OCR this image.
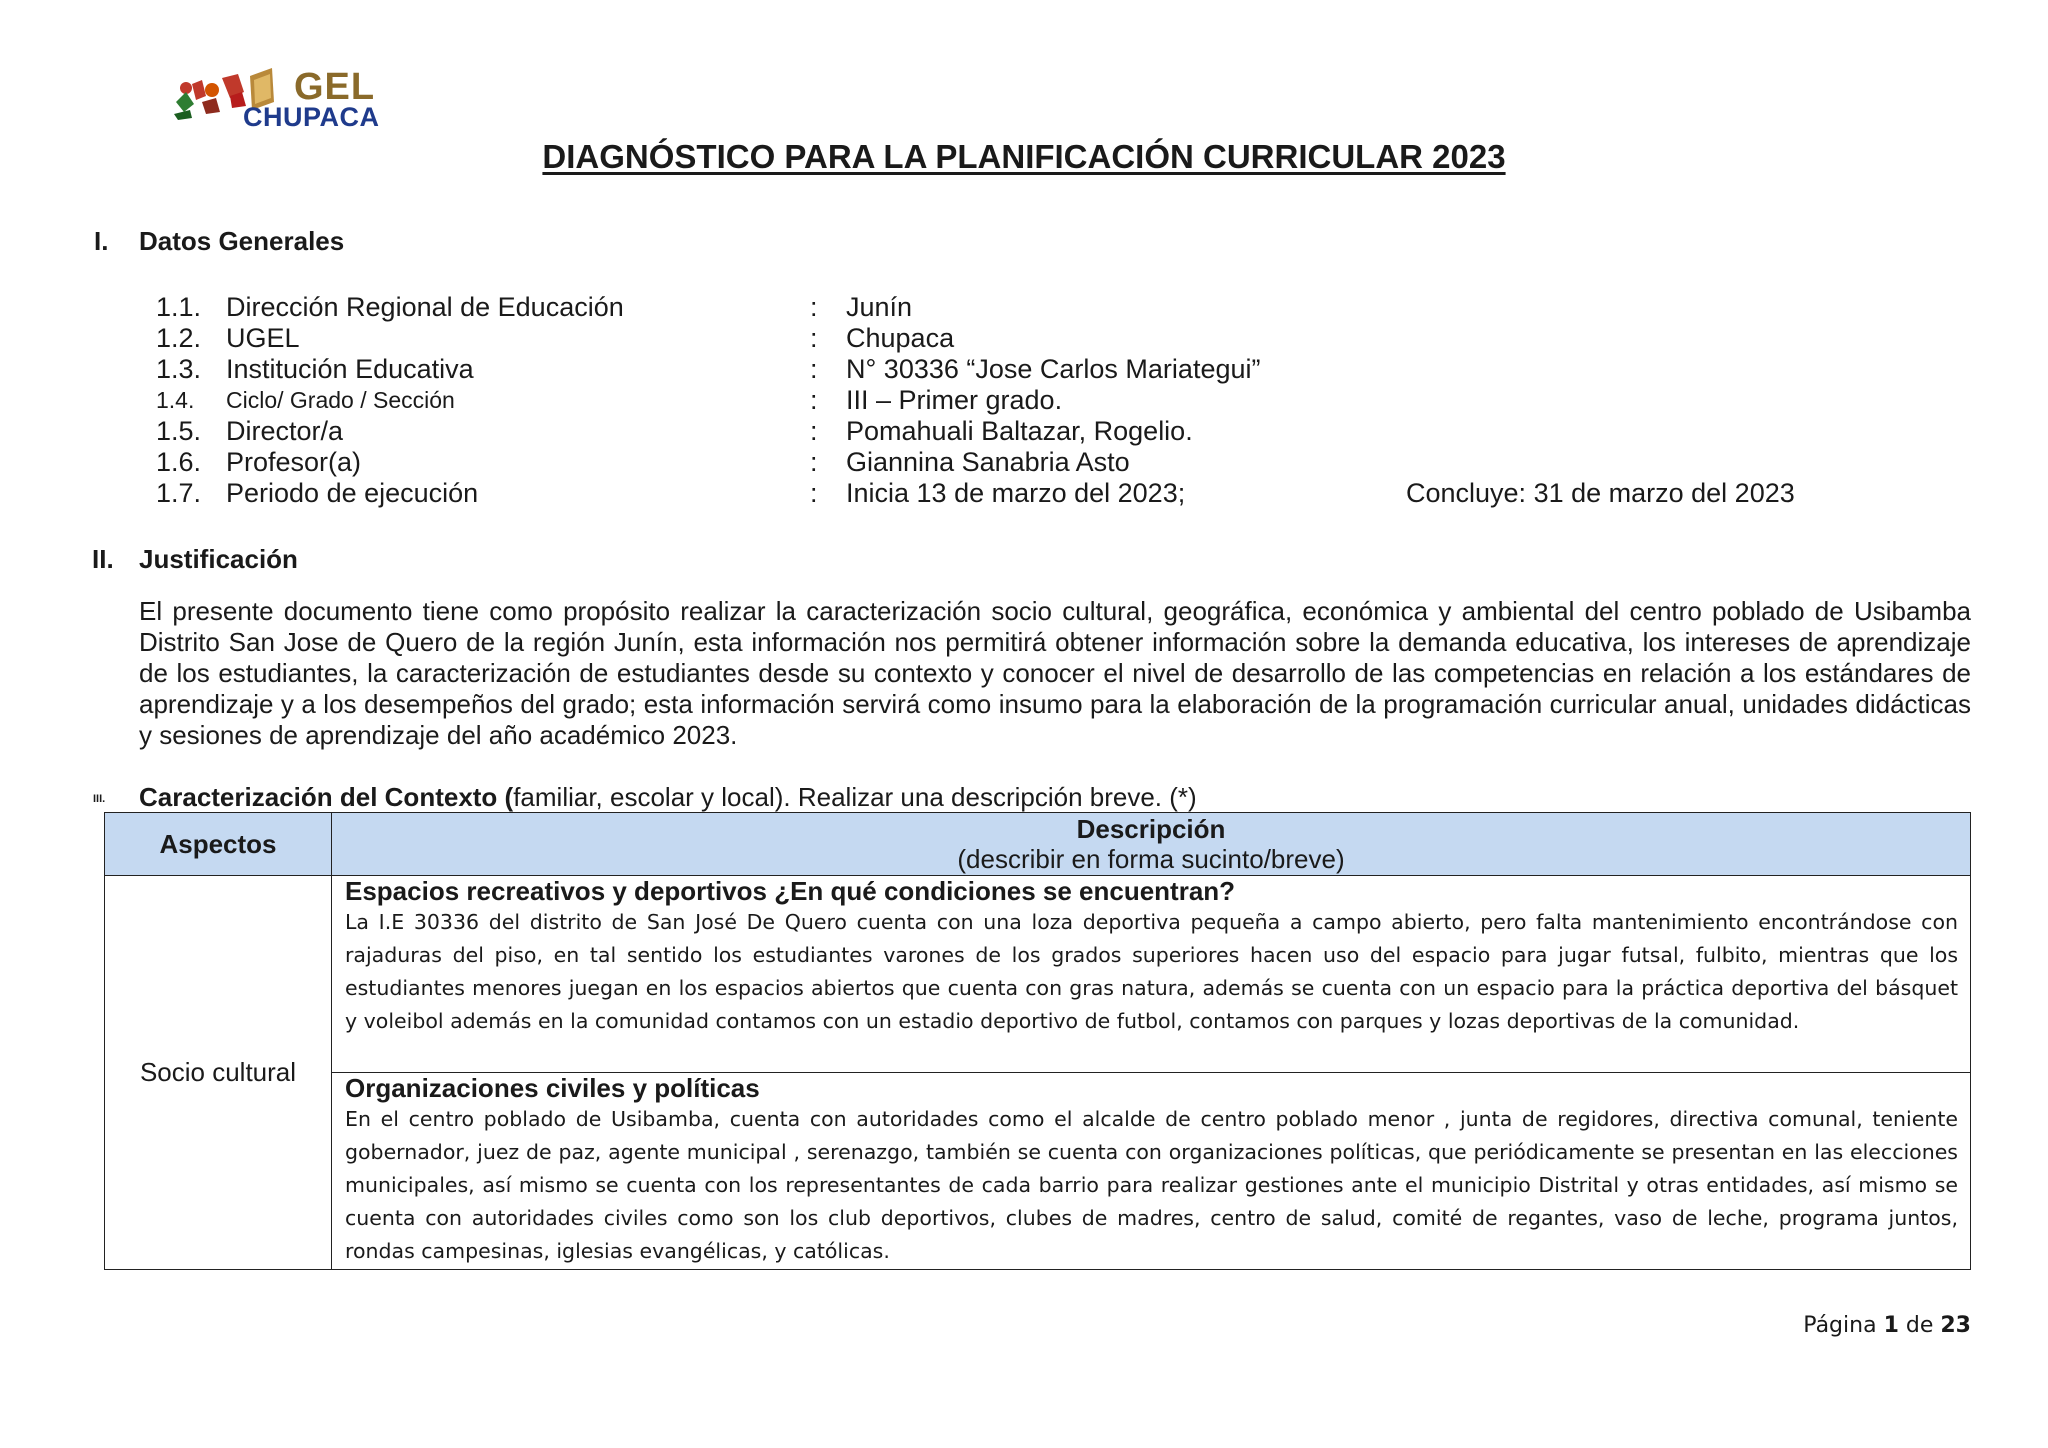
GEL
CHUPACA
DIAGNÓSTICO PARA LA PLANIFICACIÓN CURRICULAR 2023
I. Datos Generales
1.1. Dirección Regional de Educación	: Junín
1.2. UGEL	: Chupaca
1.3. Institución Educativa	: N° 30336 “Jose Carlos Mariategui”
1.4. Ciclo/ Grado / Sección	: III – Primer grado.
1.5. Director/a	: Pomahuali Baltazar, Rogelio.
1.6. Profesor(a)	: Giannina Sanabria Asto
1.7. Periodo de ejecución	: Inicia 13 de marzo del 2023;	Concluye: 31 de marzo del 2023
II. Justificación
El presente documento tiene como propósito realizar la caracterización socio cultural, geográfica, económica y ambiental del centro poblado de Usibamba Distrito San Jose de Quero de la región Junín, esta información nos permitirá obtener información sobre la demanda educativa, los intereses de aprendizaje de los estudiantes, la caracterización de estudiantes desde su contexto y conocer el nivel de desarrollo de las competencias en relación a los estándares de aprendizaje y a los desempeños del grado; esta información servirá como insumo para la elaboración de la programación curricular anual, unidades didácticas y sesiones de aprendizaje del año académico 2023.
III. Caracterización del Contexto (familiar, escolar y local). Realizar una descripción breve. (*)
Aspectos	Descripción
(describir en forma sucinto/breve)

Socio cultural	Espacios recreativos y deportivos ¿En qué condiciones se encuentran?
La I.E 30336 del distrito de San José De Quero cuenta con una loza deportiva pequeña a campo abierto, pero falta mantenimiento encontrándose con rajaduras del piso, en tal sentido los estudiantes varones de los grados superiores hacen uso del espacio para jugar futsal, fulbito, mientras que los estudiantes menores juegan en los espacios abiertos que cuenta con gras natura, además se cuenta con un espacio para la práctica deportiva del básquet y voleibol además en la comunidad contamos con un estadio deportivo de futbol, contamos con parques y lozas deportivas de la comunidad.

	Organizaciones civiles y políticas
En el centro poblado de Usibamba, cuenta con autoridades como el alcalde de centro poblado menor , junta de regidores, directiva comunal, teniente gobernador, juez de paz, agente municipal , serenazgo, también se cuenta con organizaciones políticas, que periódicamente se presentan en las elecciones municipales, así mismo se cuenta con los representantes de cada barrio para realizar gestiones ante el municipio Distrital y otras entidades, así mismo se cuenta con autoridades civiles como son los club deportivos, clubes de madres, centro de salud, comité de regantes, vaso de leche, programa juntos, rondas campesinas, iglesias evangélicas, y católicas.
Página 1 de 23
